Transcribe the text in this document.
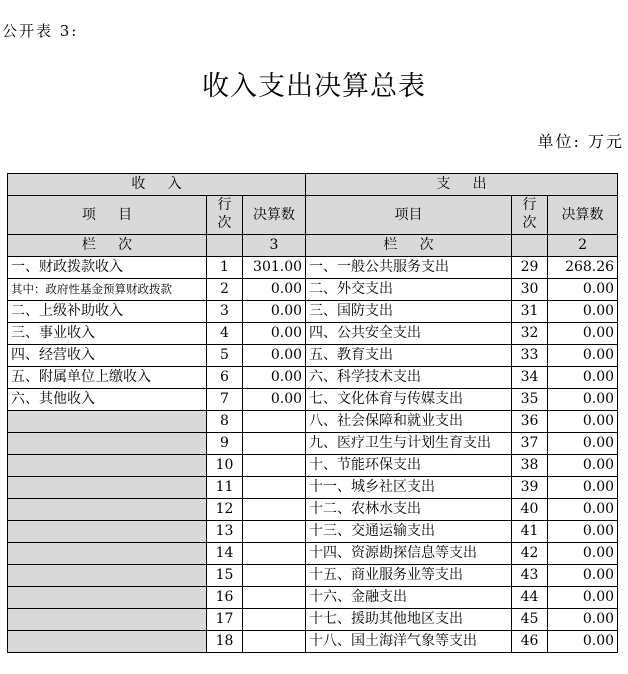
公开表 3:
收入支出决算总表
单位: 万元
收     入			支     出		
项     目	行次	决算数	项目	行次	决算数
栏     次		3	栏     次		2
一、财政拨款收入	1	301.00	一、一般公共服务支出	29	268.26
其中：政府性基金预算财政拨款	2	0.00	二、外交支出	30	0.00
二、上级补助收入	3	0.00	三、国防支出	31	0.00
三、事业收入	4	0.00	四、公共安全支出	32	0.00
四、经营收入	5	0.00	五、教育支出	33	0.00
五、附属单位上缴收入	6	0.00	六、科学技术支出	34	0.00
六、其他收入	7	0.00	七、文化体育与传媒支出	35	0.00
	8		八、社会保障和就业支出	36	0.00
	9		九、医疗卫生与计划生育支出	37	0.00
	10		十、节能环保支出	38	0.00
	11		十一、城乡社区支出	39	0.00
	12		十二、农林水支出	40	0.00
	13		十三、交通运输支出	41	0.00
	14		十四、资源勘探信息等支出	42	0.00
	15		十五、商业服务业等支出	43	0.00
	16		十六、金融支出	44	0.00
	17		十七、援助其他地区支出	45	0.00
	18		十八、国土海洋气象等支出	46	0.00
